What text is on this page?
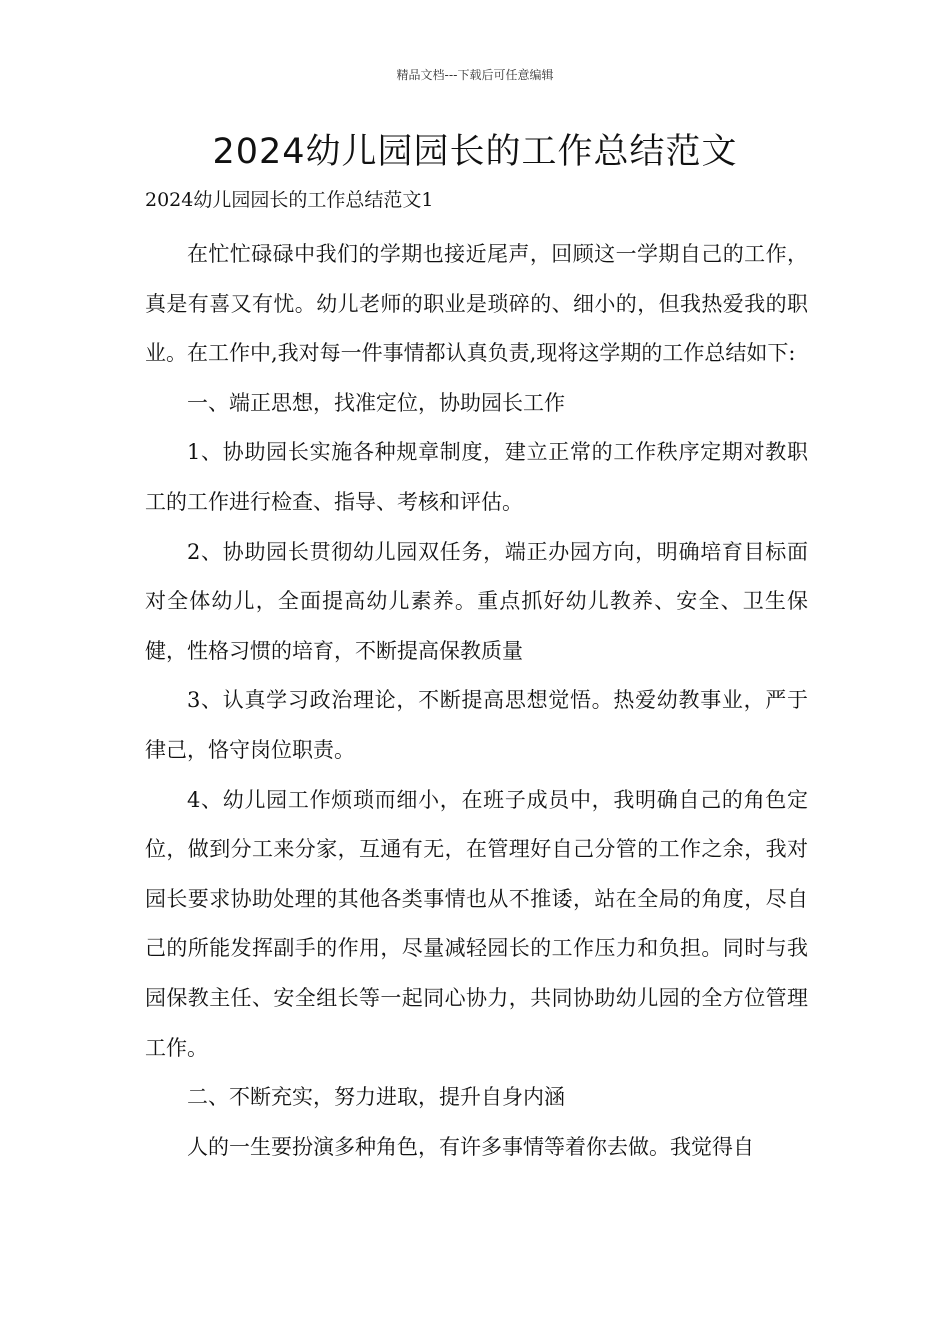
精品文档---下载后可任意编辑
2024幼儿园园长的工作总结范文
2024幼儿园园长的工作总结范文1

在忙忙碌碌中我们的学期也接近尾声，回顾这一学期自己的工作，真是有喜又有忧。幼儿老师的职业是琐碎的、细小的，但我热爱我的职业。在工作中,我对每一件事情都认真负责,现将这学期的工作总结如下:

一、端正思想，找准定位，协助园长工作

1、协助园长实施各种规章制度，建立正常的工作秩序定期对教职工的工作进行检查、指导、考核和评估。

2、协助园长贯彻幼儿园双任务，端正办园方向，明确培育目标面对全体幼儿，全面提高幼儿素养。重点抓好幼儿教养、安全、卫生保健，性格习惯的培育，不断提高保教质量

3、认真学习政治理论，不断提高思想觉悟。热爱幼教事业，严于律己，恪守岗位职责。

4、幼儿园工作烦琐而细小，在班子成员中，我明确自己的角色定位，做到分工来分家，互通有无，在管理好自己分管的工作之余，我对园长要求协助处理的其他各类事情也从不推诿，站在全局的角度，尽自己的所能发挥副手的作用，尽量减轻园长的工作压力和负担。同时与我园保教主任、安全组长等一起同心协力，共同协助幼儿园的全方位管理工作。

二、不断充实，努力进取，提升自身内涵

人的一生要扮演多种角色，有许多事情等着你去做。我觉得自
